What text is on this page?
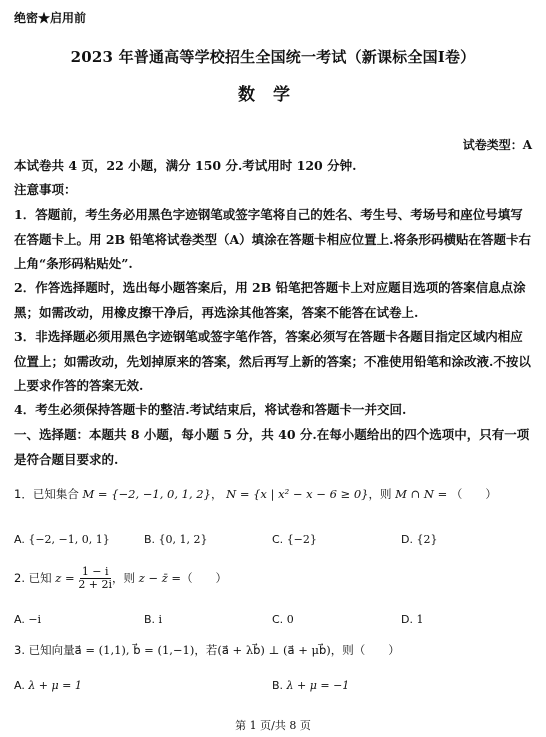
绝密★启用前
2023 年普通高等学校招生全国统一考试（新课标全国Ⅰ卷）
数学
试卷类型：A
本试卷共 4 页，22 小题，满分 150 分.考试用时 120 分钟.
注意事项：
1．答题前，考生务必用黑色字迹钢笔或签字笔将自己的姓名、考生号、考场号和座位号填写在答题卡上。用 2B 铅笔将试卷类型（A）填涂在答题卡相应位置上.将条形码横贴在答题卡右上角“条形码粘贴处”.
2．作答选择题时，选出每小题答案后，用 2B 铅笔把答题卡上对应题目选项的答案信息点涂黑；如需改动，用橡皮擦干净后，再选涂其他答案，答案不能答在试卷上.
3．非选择题必须用黑色字迹钢笔或签字笔作答，答案必须写在答题卡各题目指定区域内相应位置上；如需改动，先划掉原来的答案，然后再写上新的答案；不准使用铅笔和涂改液.不按以上要求作答的答案无效.
4．考生必须保持答题卡的整洁.考试结束后，将试卷和答题卡一并交回.
一、选择题：本题共 8 小题，每小题 5 分，共 40 分.在每小题给出的四个选项中，只有一项是符合题目要求的.
1．已知集合 M = {−2, −1, 0, 1, 2}， N = {x | x² − x − 6 ≥ 0}，则 M ∩ N = （　　）
A. {−2, −1, 0, 1}	B. {0, 1, 2}	C. {−2}	D. {2}
2. 已知 $z = \frac{1 - i}{2 + 2i}$ ，则 z − z̄ =（　　）
A. −i	B. i	C. 0	D. 1
3. 已知向量a⃗ = (1,1), b⃗ = (1,−1)，若(a⃗ + λb⃗) ⊥ (a⃗ + μb⃗)，则（　　）
A. λ + μ = 1	B. λ + μ = −1
第 1 页/共 8 页
